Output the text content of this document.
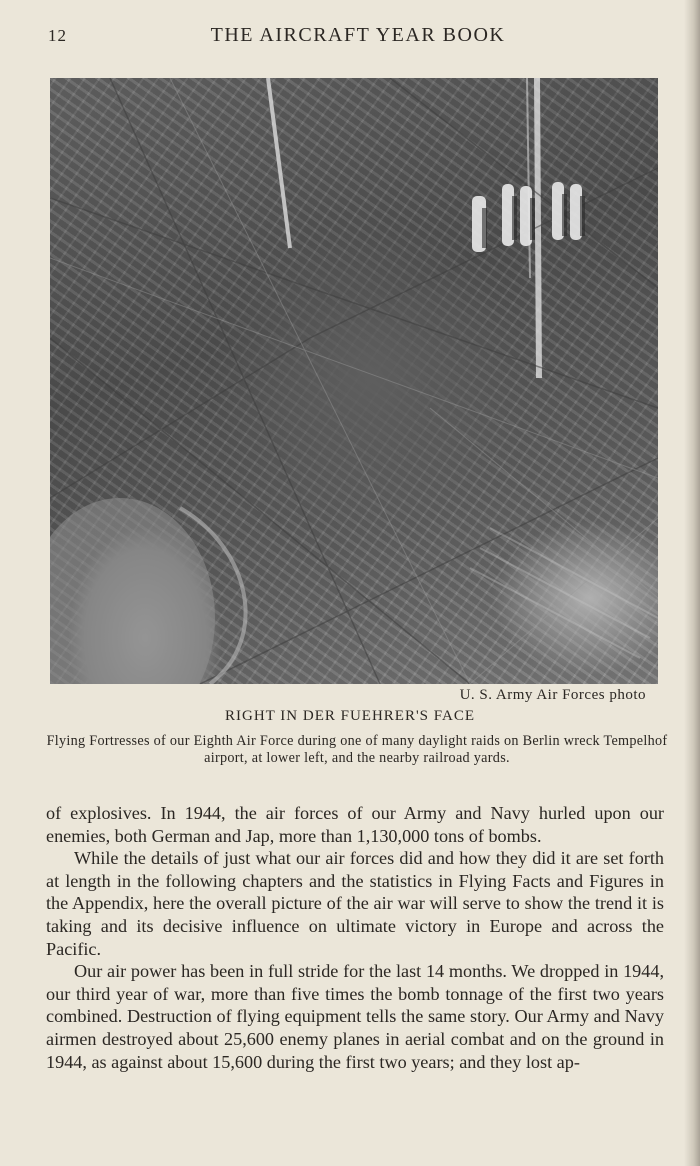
12	THE AIRCRAFT YEAR BOOK
U. S. Army Air Forces photo
RIGHT IN DER FUEHRER'S FACE
Flying Fortresses of our Eighth Air Force during one of many daylight raids on Berlin wreck Tempelhof airport, at lower left, and the nearby railroad yards.

of explosives. In 1944, the air forces of our Army and Navy hurled upon our enemies, both German and Jap, more than 1,130,000 tons of bombs.

While the details of just what our air forces did and how they did it are set forth at length in the following chapters and the statistics in Flying Facts and Figures in the Appendix, here the overall picture of the air war will serve to show the trend it is taking and its decisive influence on ultimate victory in Europe and across the Pacific.

Our air power has been in full stride for the last 14 months. We dropped in 1944, our third year of war, more than five times the bomb tonnage of the first two years combined. Destruction of flying equipment tells the same story. Our Army and Navy airmen destroyed about 25,600 enemy planes in aerial combat and on the ground in 1944, as against about 15,600 during the first two years; and they lost ap-
